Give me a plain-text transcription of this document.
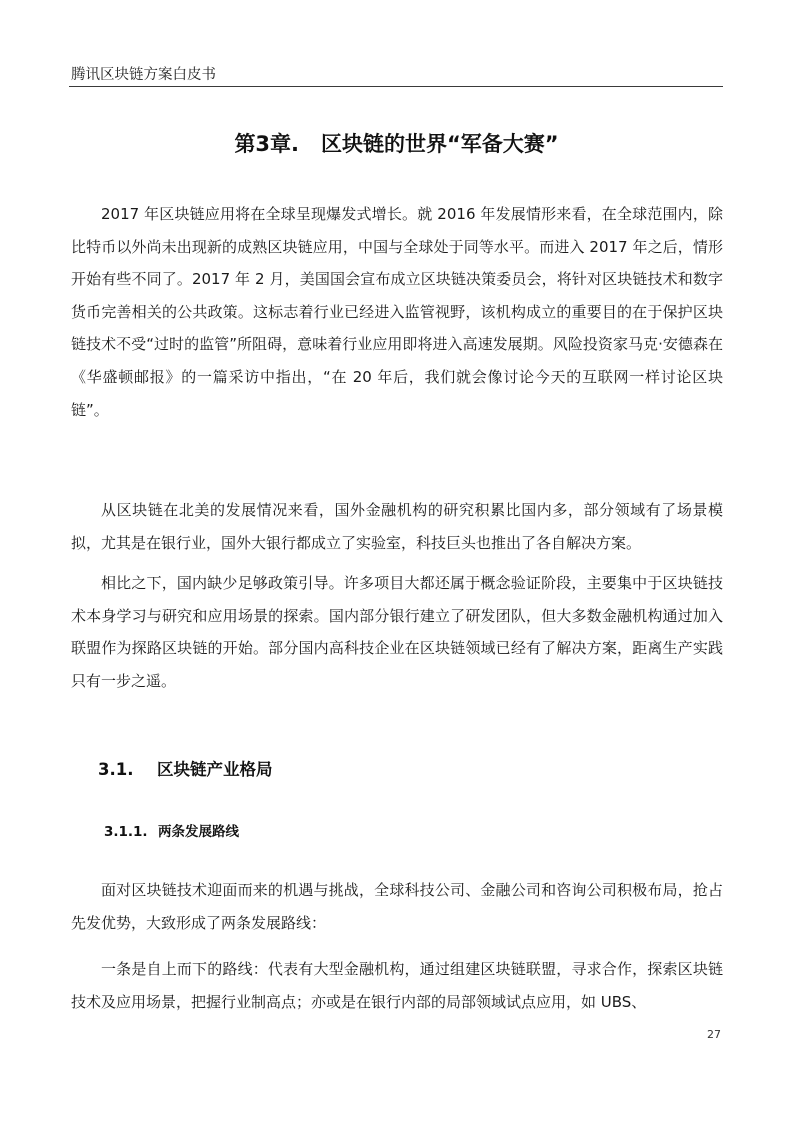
腾讯区块链方案白皮书
第3章.   区块链的世界“军备大赛”

2017 年区块链应用将在全球呈现爆发式增长。就 2016 年发展情形来看，在全球范围内，除比特币以外尚未出现新的成熟区块链应用，中国与全球处于同等水平。而进入 2017 年之后，情形开始有些不同了。2017 年 2 月，美国国会宣布成立区块链决策委员会，将针对区块链技术和数字货币完善相关的公共政策。这标志着行业已经进入监管视野，该机构成立的重要目的在于保护区块链技术不受“过时的监管”所阻碍，意味着行业应用即将进入高速发展期。风险投资家马克·安德森在《华盛顿邮报》的一篇采访中指出，“在 20 年后，我们就会像讨论今天的互联网一样讨论区块链”。

从区块链在北美的发展情况来看，国外金融机构的研究积累比国内多，部分领域有了场景模拟，尤其是在银行业，国外大银行都成立了实验室，科技巨头也推出了各自解决方案。

相比之下，国内缺少足够政策引导。许多项目大都还属于概念验证阶段，主要集中于区块链技术本身学习与研究和应用场景的探索。国内部分银行建立了研发团队，但大多数金融机构通过加入联盟作为探路区块链的开始。部分国内高科技企业在区块链领域已经有了解决方案，距离生产实践只有一步之遥。

3.1. 区块链产业格局
3.1.1. 两条发展路线

面对区块链技术迎面而来的机遇与挑战，全球科技公司、金融公司和咨询公司积极布局，抢占先发优势，大致形成了两条发展路线：

一条是自上而下的路线：代表有大型金融机构，通过组建区块链联盟，寻求合作，探索区块链技术及应用场景，把握行业制高点；亦或是在银行内部的局部领域试点应用，如 UBS、

27
